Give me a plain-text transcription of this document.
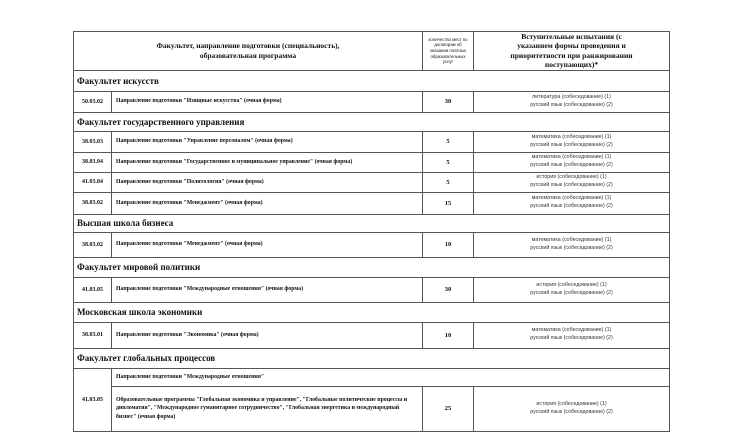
Факультет, направление подготовки (специальность), образовательная программа		количество мест по договорам об оказании платных образовательных услуг	Вступительные испытания (с указанием формы проведения и приоритетности при ранжировании поступающих)*
Факультет искусств			
50.03.02	Направление подготовки "Изящные искусства" (очная форма)	30	литература (собеседование) (1)
русский язык (собеседование) (2)

Факультет государственного управления			
38.03.03	Направление подготовки "Управление персоналом" (очная форма)	5	математика (собеседование) (1)
русский язык (собеседование) (2)

38.03.04	Направление подготовки "Государственное и муниципальное управление" (очная форма)	5	математика (собеседование) (1)
русский язык (собеседование) (2)

41.03.04	Направление подготовки "Политология" (очная форма)	5	история (собеседование) (1)
русский язык (собеседование) (2)

38.03.02	Направление подготовки "Менеджмент" (очная форма)	15	математика (собеседование) (1)
русский язык (собеседование) (2)

Высшая школа бизнеса			
38.03.02	Направление подготовки "Менеджмент" (очная форма)	10	математика (собеседование) (1)
русский язык (собеседование) (2)

Факультет мировой политики			
41.03.05	Направление подготовки "Международные отношения" (очная форма)	30	история (собеседование) (1)
русский язык (собеседование) (2)

Московская школа экономики			
38.03.01	Направление подготовки "Экономика" (очная форма)	10	математика (собеседование) (1)
русский язык (собеседование) (2)

Факультет глобальных процессов			
41.03.05	Направление подготовки "Международные отношения"		
	Образовательные программы "Глобальная экономика и управление", "Глобальные политические процессы и дипломатия", "Международное гуманитарное сотрудничество", "Глобальная энергетика и международный бизнес" (очная форма)	25	история (собеседование) (1)
русский язык (собеседование) (2)
